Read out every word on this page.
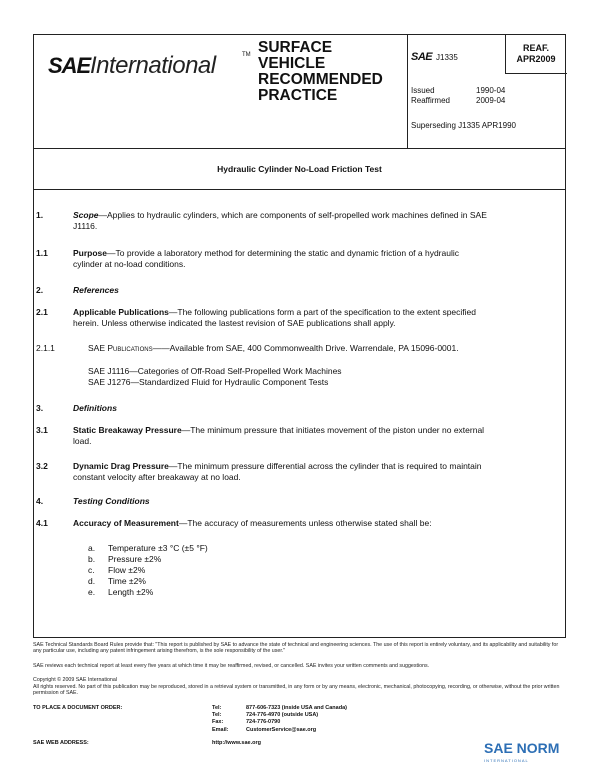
SAE International	TM SURFACE
VEHICLE
RECOMMENDED
PRACTICE
SAE J1335
REAF.
APR2009
Issued	1990-04
Reaffirmed	2009-04
Superseding J1335 APR1990
Hydraulic Cylinder No-Load Friction Test
1.	Scope—Applies to hydraulic cylinders, which are components of self-propelled work machines defined in SAE
J1116.
1.1	Purpose—To provide a laboratory method for determining the static and dynamic friction of a hydraulic
cylinder at no-load conditions.
2.	References
2.1	Applicable Publications—The following publications form a part of the specification to the extent specified
herein. Unless otherwise indicated the lastest revision of SAE publications shall apply.
2.1.1	SAE Publications——Available from SAE, 400 Commonwealth Drive. Warrendale, PA 15096-0001.
SAE J1116—Categories of Off-Road Self-Propelled Work Machines
SAE J1276—Standardized Fluid for Hydraulic Component Tests
3.	Definitions
3.1	Static Breakaway Pressure—The minimum pressure that initiates movement of the piston under no external
load.
3.2	Dynamic Drag Pressure—The minimum pressure differential across the cylinder that is required to maintain
constant velocity after breakaway at no load.
4.	Testing Conditions
4.1	Accuracy of Measurement—The accuracy of measurements unless otherwise stated shall be:
a. Temperature ±3 °C (±5 °F)
b. Pressure ±2%
c. Flow ±2%
d. Time ±2%
e. Length ±2%
SAE Technical Standards Board Rules provide that: "This report is published by SAE to advance the state of technical and engineering sciences. The use of this report is entirely voluntary, and its applicability and suitability for any particular use, including any patent infringement arising therefrom, is the sole responsibility of the user."
SAE reviews each technical report at least every five years at which time it may be reaffirmed, revised, or cancelled. SAE invites your written comments and suggestions.
Copyright © 2009 SAE International
All rights reserved. No part of this publication may be reproduced, stored in a retrieval system or transmitted, in any form or by any means, electronic, mechanical, photocopying, recording, or otherwise, without the prior written permission of SAE.
TO PLACE A DOCUMENT ORDER:	Tel:	877-606-7323 (inside USA and Canada)
Tel:	724-776-4970 (outside USA)
Fax:	724-776-0790
Email:	CustomerService@sae.org
SAE WEB ADDRESS:	http://www.sae.org	SAE NORM
INTERNATIONAL
